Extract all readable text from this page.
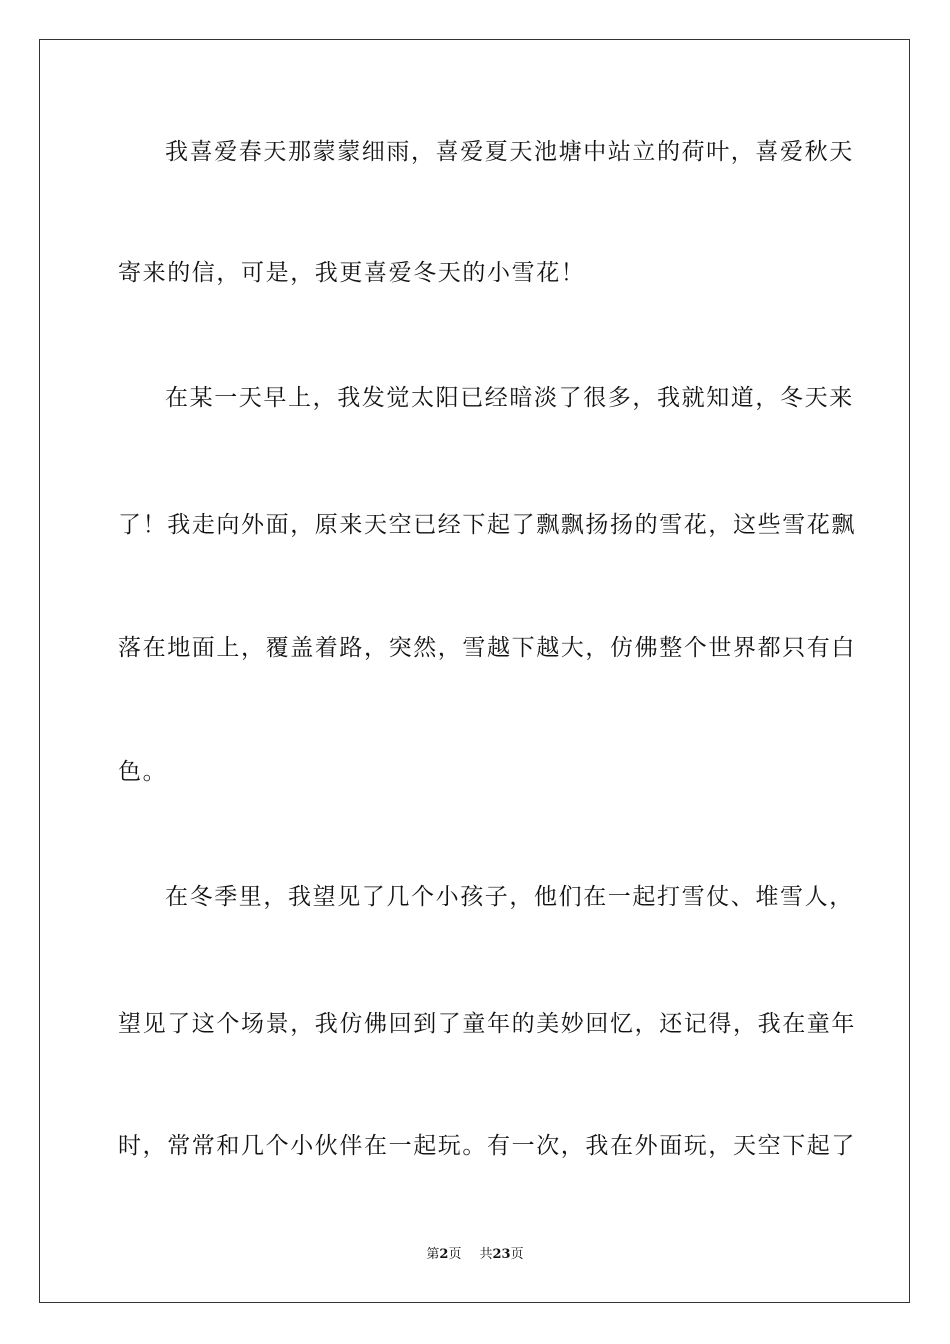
我喜爱春天那蒙蒙细雨，喜爱夏天池塘中站立的荷叶，喜爱秋天
寄来的信，可是，我更喜爱冬天的小雪花！
在某一天早上，我发觉太阳已经暗淡了很多，我就知道，冬天来
了！我走向外面，原来天空已经下起了飘飘扬扬的雪花，这些雪花飘
落在地面上，覆盖着路，突然，雪越下越大，仿佛整个世界都只有白
色。
在冬季里，我望见了几个小孩子，他们在一起打雪仗、堆雪人，
望见了这个场景，我仿佛回到了童年的美妙回忆，还记得，我在童年
时，常常和几个小伙伴在一起玩。有一次，我在外面玩，天空下起了
第2页 共23页
